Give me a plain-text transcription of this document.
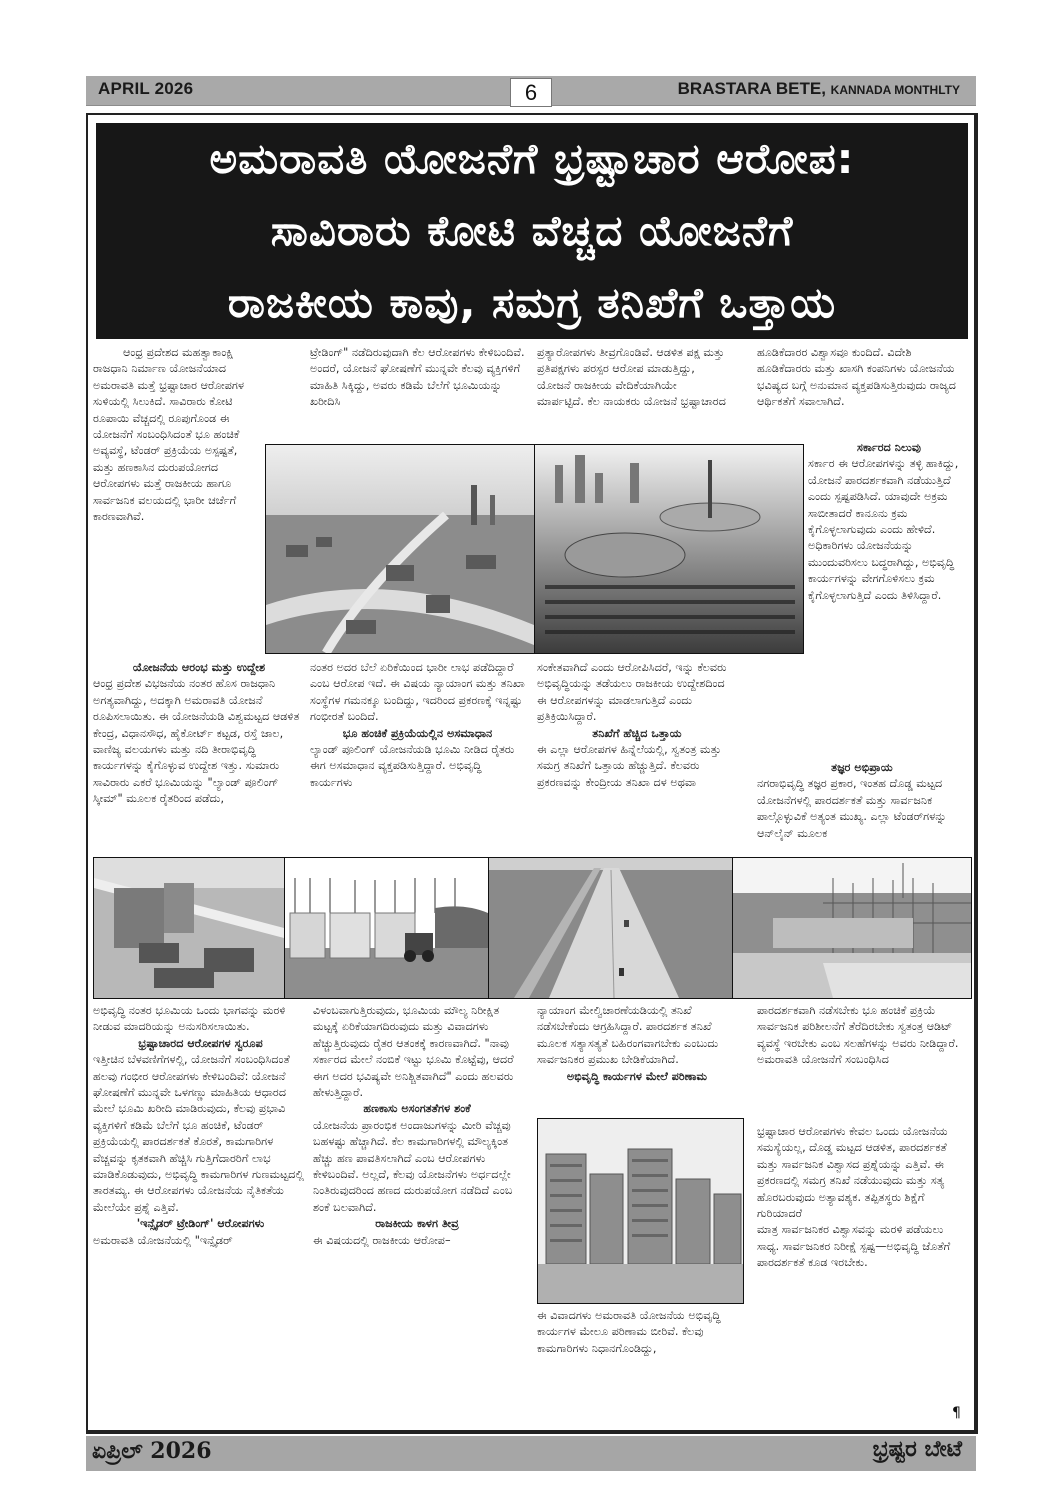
APRIL 2026	6	BRASTARA BETE, KANNADA MONTHLTY
ಅಮರಾವತಿ ಯೋಜನೆಗೆ ಭ್ರಷ್ಟಾಚಾರ ಆರೋಪ:
ಸಾವಿರಾರು ಕೋಟಿ ವೆಚ್ಚದ ಯೋಜನೆಗೆ
ರಾಜಕೀಯ ಕಾವು, ಸಮಗ್ರ ತನಿಖೆಗೆ ಒತ್ತಾಯ

ಆಂಧ್ರ ಪ್ರದೇಶದ ಮಹತ್ವಾಕಾಂಕ್ಷಿ ರಾಜಧಾನಿ ನಿರ್ಮಾಣ ಯೋಜನೆಯಾದ ಅಮರಾವತಿ ಮತ್ತೆ ಭ್ರಷ್ಟಾಚಾರ ಆರೋಪಗಳ ಸುಳಿಯಲ್ಲಿ ಸಿಲುಕಿದೆ. ಸಾವಿರಾರು ಕೋಟಿ ರೂಪಾಯಿ ವೆಚ್ಚದಲ್ಲಿ ರೂಪುಗೊಂಡ ಈ ಯೋಜನೆಗೆ ಸಂಬಂಧಿಸಿದಂತೆ ಭೂ ಹಂಚಿಕೆ ಅವ್ಯವಸ್ಥೆ, ಟೆಂಡರ್ ಪ್ರಕ್ರಿಯೆಯ ಅಸ್ಪಷ್ಟತೆ, ಮತ್ತು ಹಣಕಾಸಿನ ದುರುಪಯೋಗದ ಆರೋಪಗಳು ಮತ್ತೆ ರಾಜಕೀಯ ಹಾಗೂ ಸಾರ್ವಜನಿಕ ವಲಯದಲ್ಲಿ ಭಾರೀ ಚರ್ಚೆಗೆ ಕಾರಣವಾಗಿವೆ.

ಯೋಜನೆಯ ಆರಂಭ ಮತ್ತು ಉದ್ದೇಶ

ಆಂಧ್ರ ಪ್ರದೇಶ ವಿಭಜನೆಯ ನಂತರ ಹೊಸ ರಾಜಧಾನಿ ಅಗತ್ಯವಾಗಿದ್ದು, ಅದಕ್ಕಾಗಿ ಅಮರಾವತಿ ಯೋಜನೆ ರೂಪಿಸಲಾಯಿತು. ಈ ಯೋಜನೆಯಡಿ ವಿಶ್ವಮಟ್ಟದ ಆಡಳಿತ ಕೇಂದ್ರ, ವಿಧಾನಸೌಧ, ಹೈಕೋರ್ಟ್ ಕಟ್ಟಡ, ರಸ್ತೆ ಜಾಲ, ವಾಣಿಜ್ಯ ವಲಯಗಳು ಮತ್ತು ನದಿ ತೀರಾಭಿವೃದ್ಧಿ ಕಾರ್ಯಗಳನ್ನು ಕೈಗೊಳ್ಳುವ ಉದ್ದೇಶ ಇತ್ತು. ಸುಮಾರು ಸಾವಿರಾರು ಎಕರೆ ಭೂಮಿಯನ್ನು "ಲ್ಯಾಂಡ್ ಪೂಲಿಂಗ್ ಸ್ಕೀಮ್" ಮೂಲಕ ರೈತರಿಂದ ಪಡೆದು,

ಟ್ರೇಡಿಂಗ್" ನಡೆದಿರುವುದಾಗಿ ಕೆಲ ಆರೋಪಗಳು ಕೇಳಿಬಂದಿವೆ. ಅಂದರೆ, ಯೋಜನೆ ಘೋಷಣೆಗೆ ಮುನ್ನವೇ ಕೆಲವು ವ್ಯಕ್ತಿಗಳಿಗೆ ಮಾಹಿತಿ ಸಿಕ್ಕಿದ್ದು, ಅವರು ಕಡಿಮೆ ಬೆಲೆಗೆ ಭೂಮಿಯನ್ನು ಖರೀದಿಸಿ

ನಂತರ ಅದರ ಬೆಲೆ ಏರಿಕೆಯಿಂದ ಭಾರೀ ಲಾಭ ಪಡೆದಿದ್ದಾರೆ ಎಂಬ ಆರೋಪ ಇದೆ. ಈ ವಿಷಯ ನ್ಯಾಯಾಂಗ ಮತ್ತು ತನಿಖಾ ಸಂಸ್ಥೆಗಳ ಗಮನಕ್ಕೂ ಬಂದಿದ್ದು, ಇದರಿಂದ ಪ್ರಕರಣಕ್ಕೆ ಇನ್ನಷ್ಟು ಗಂಭೀರತೆ ಬಂದಿದೆ.

ಭೂ ಹಂಚಿಕೆ ಪ್ರಕ್ರಿಯೆಯಲ್ಲಿನ ಅಸಮಾಧಾನ

ಲ್ಯಾಂಡ್ ಪೂಲಿಂಗ್ ಯೋಜನೆಯಡಿ ಭೂಮಿ ನೀಡಿದ ರೈತರು ಈಗ ಅಸಮಾಧಾನ ವ್ಯಕ್ತಪಡಿಸುತ್ತಿದ್ದಾರೆ. ಅಭಿವೃದ್ಧಿ ಕಾರ್ಯಗಳು

ಪ್ರತ್ಯಾರೋಪಗಳು ತೀವ್ರಗೊಂಡಿವೆ. ಆಡಳಿತ ಪಕ್ಷ ಮತ್ತು ಪ್ರತಿಪಕ್ಷಗಳು ಪರಸ್ಪರ ಆರೋಪ ಮಾಡುತ್ತಿದ್ದು, ಯೋಜನೆ ರಾಜಕೀಯ ವೇದಿಕೆಯಾಗಿಯೇ ಮಾರ್ಪಟ್ಟಿದೆ. ಕೆಲ ನಾಯಕರು ಯೋಜನೆ ಭ್ರಷ್ಟಾಚಾರದ

ಸಂಕೇತವಾಗಿದೆ ಎಂದು ಆರೋಪಿಸಿದರೆ, ಇನ್ನು ಕೆಲವರು ಅಭಿವೃದ್ಧಿಯನ್ನು ತಡೆಯಲು ರಾಜಕೀಯ ಉದ್ದೇಶದಿಂದ ಈ ಆರೋಪಗಳನ್ನು ಮಾಡಲಾಗುತ್ತಿದೆ ಎಂದು ಪ್ರತಿಕ್ರಿಯಿಸಿದ್ದಾರೆ.

ತನಿಖೆಗೆ ಹೆಚ್ಚಿದ ಒತ್ತಾಯ

ಈ ಎಲ್ಲಾ ಆರೋಪಗಳ ಹಿನ್ನೆಲೆಯಲ್ಲಿ, ಸ್ವತಂತ್ರ ಮತ್ತು ಸಮಗ್ರ ತನಿಖೆಗೆ ಒತ್ತಾಯ ಹೆಚ್ಚುತ್ತಿದೆ. ಕೆಲವರು ಪ್ರಕರಣವನ್ನು ಕೇಂದ್ರೀಯ ತನಿಖಾ ದಳ ಅಥವಾ

ಹೂಡಿಕೆದಾರರ ವಿಶ್ವಾಸವೂ ಕುಂದಿದೆ. ವಿದೇಶಿ ಹೂಡಿಕೆದಾರರು ಮತ್ತು ಖಾಸಗಿ ಕಂಪನಿಗಳು ಯೋಜನೆಯ ಭವಿಷ್ಯದ ಬಗ್ಗೆ ಅನುಮಾನ ವ್ಯಕ್ತಪಡಿಸುತ್ತಿರುವುದು ರಾಜ್ಯದ ಆರ್ಥಿಕತೆಗೆ ಸವಾಲಾಗಿದೆ.

ಸರ್ಕಾರದ ನಿಲುವು

ಸರ್ಕಾರ ಈ ಆರೋಪಗಳನ್ನು ತಳ್ಳಿ ಹಾಕಿದ್ದು, ಯೋಜನೆ ಪಾರದರ್ಶಕವಾಗಿ ನಡೆಯುತ್ತಿದೆ ಎಂದು ಸ್ಪಷ್ಟಪಡಿಸಿದೆ. ಯಾವುದೇ ಅಕ್ರಮ ಸಾಬೀತಾದರೆ ಕಾನೂನು ಕ್ರಮ ಕೈಗೊಳ್ಳಲಾಗುವುದು ಎಂದು ಹೇಳಿದೆ. ಅಧಿಕಾರಿಗಳು ಯೋಜನೆಯನ್ನು ಮುಂದುವರಿಸಲು ಬದ್ಧರಾಗಿದ್ದು, ಅಭಿವೃದ್ಧಿ ಕಾರ್ಯಗಳನ್ನು ವೇಗಗೊಳಿಸಲು ಕ್ರಮ ಕೈಗೊಳ್ಳಲಾಗುತ್ತಿದೆ ಎಂದು ತಿಳಿಸಿದ್ದಾರೆ.

ತಜ್ಞರ ಅಭಿಪ್ರಾಯ

ನಗರಾಭಿವೃದ್ಧಿ ತಜ್ಞರ ಪ್ರಕಾರ, ಇಂತಹ ದೊಡ್ಡ ಮಟ್ಟದ ಯೋಜನೆಗಳಲ್ಲಿ ಪಾರದರ್ಶಕತೆ ಮತ್ತು ಸಾರ್ವಜನಿಕ ಪಾಲ್ಗೊಳ್ಳುವಿಕೆ ಅತ್ಯಂತ ಮುಖ್ಯ. ಎಲ್ಲಾ ಟೆಂಡರ್‌ಗಳನ್ನು ಆನ್‌ಲೈನ್ ಮೂಲಕ

ಅಭಿವೃದ್ಧಿ ನಂತರ ಭೂಮಿಯ ಒಂದು ಭಾಗವನ್ನು ಮರಳಿ ನೀಡುವ ಮಾದರಿಯನ್ನು ಅನುಸರಿಸಲಾಯಿತು.

ಭ್ರಷ್ಟಾಚಾರದ ಆರೋಪಗಳ ಸ್ವರೂಪ

ಇತ್ತೀಚಿನ ಬೆಳವಣಿಗೆಗಳಲ್ಲಿ, ಯೋಜನೆಗೆ ಸಂಬಂಧಿಸಿದಂತೆ ಹಲವು ಗಂಭೀರ ಆರೋಪಗಳು ಕೇಳಿಬಂದಿವೆ: ಯೋಜನೆ ಘೋಷಣೆಗೆ ಮುನ್ನವೇ ಒಳಗಣ್ಣು ಮಾಹಿತಿಯ ಆಧಾರದ ಮೇಲೆ ಭೂಮಿ ಖರೀದಿ ಮಾಡಿರುವುದು, ಕೆಲವು ಪ್ರಭಾವಿ ವ್ಯಕ್ತಿಗಳಿಗೆ ಕಡಿಮೆ ಬೆಲೆಗೆ ಭೂ ಹಂಚಿಕೆ, ಟೆಂಡರ್ ಪ್ರಕ್ರಿಯೆಯಲ್ಲಿ ಪಾರದರ್ಶಕತೆ ಕೊರತೆ, ಕಾಮಗಾರಿಗಳ ವೆಚ್ಚವನ್ನು ಕೃತಕವಾಗಿ ಹೆಚ್ಚಿಸಿ ಗುತ್ತಿಗೆದಾರರಿಗೆ ಲಾಭ ಮಾಡಿಕೊಡುವುದು, ಅಭಿವೃದ್ಧಿ ಕಾಮಗಾರಿಗಳ ಗುಣಮಟ್ಟದಲ್ಲಿ ತಾರತಮ್ಯ. ಈ ಆರೋಪಗಳು ಯೋಜನೆಯ ನೈತಿಕತೆಯ ಮೇಲೆಯೇ ಪ್ರಶ್ನೆ ಎತ್ತಿವೆ.

'ಇನ್ಸೈಡರ್ ಟ್ರೇಡಿಂಗ್' ಆರೋಪಗಳು

ಅಮರಾವತಿ ಯೋಜನೆಯಲ್ಲಿ "ಇನ್ಸೈಡರ್

ವಿಳಂಬವಾಗುತ್ತಿರುವುದು, ಭೂಮಿಯ ಮೌಲ್ಯ ನಿರೀಕ್ಷಿತ ಮಟ್ಟಕ್ಕೆ ಏರಿಕೆಯಾಗದಿರುವುದು ಮತ್ತು ವಿವಾದಗಳು ಹೆಚ್ಚುತ್ತಿರುವುದು ರೈತರ ಆತಂಕಕ್ಕೆ ಕಾರಣವಾಗಿದೆ. "ನಾವು ಸರ್ಕಾರದ ಮೇಲೆ ನಂಬಿಕೆ ಇಟ್ಟು ಭೂಮಿ ಕೊಟ್ಟೆವು, ಆದರೆ ಈಗ ಅದರ ಭವಿಷ್ಯವೇ ಅನಿಶ್ಚಿತವಾಗಿದೆ" ಎಂದು ಹಲವರು ಹೇಳುತ್ತಿದ್ದಾರೆ.

ಹಣಕಾಸು ಅಸಂಗತತೆಗಳ ಶಂಕೆ

ಯೋಜನೆಯ ಪ್ರಾರಂಭಿಕ ಅಂದಾಜುಗಳನ್ನು ಮೀರಿ ವೆಚ್ಚವು ಬಹಳಷ್ಟು ಹೆಚ್ಚಾಗಿದೆ. ಕೆಲ ಕಾಮಗಾರಿಗಳಲ್ಲಿ ಮೌಲ್ಯಕ್ಕಿಂತ ಹೆಚ್ಚು ಹಣ ಪಾವತಿಸಲಾಗಿದೆ ಎಂಬ ಆರೋಪಗಳು ಕೇಳಿಬಂದಿವೆ. ಅಲ್ಲದೆ, ಕೆಲವು ಯೋಜನೆಗಳು ಅರ್ಧದಲ್ಲೇ ನಿಂತಿರುವುದರಿಂದ ಹಣದ ದುರುಪಯೋಗ ನಡೆದಿದೆ ಎಂಬ ಶಂಕೆ ಬಲವಾಗಿದೆ.

ರಾಜಕೀಯ ಕಾಳಗ ತೀವ್ರ

ಈ ವಿಷಯದಲ್ಲಿ ರಾಜಕೀಯ ಆರೋಪ–

ನ್ಯಾಯಾಂಗ ಮೇಲ್ವಿಚಾರಣೆಯಡಿಯಲ್ಲಿ ತನಿಖೆ ನಡೆಸಬೇಕೆಂದು ಆಗ್ರಹಿಸಿದ್ದಾರೆ. ಪಾರದರ್ಶಕ ತನಿಖೆ ಮೂಲಕ ಸತ್ಯಾಸತ್ಯತೆ ಬಹಿರಂಗವಾಗಬೇಕು ಎಂಬುದು ಸಾರ್ವಜನಿಕರ ಪ್ರಮುಖ ಬೇಡಿಕೆಯಾಗಿದೆ.

ಅಭಿವೃದ್ಧಿ ಕಾರ್ಯಗಳ ಮೇಲೆ ಪರಿಣಾಮ

ಈ ವಿವಾದಗಳು ಅಮರಾವತಿ ಯೋಜನೆಯ ಅಭಿವೃದ್ಧಿ ಕಾರ್ಯಗಳ ಮೇಲೂ ಪರಿಣಾಮ ಬೀರಿವೆ. ಕೆಲವು ಕಾಮಗಾರಿಗಳು ನಿಧಾನಗೊಂಡಿದ್ದು,

ಪಾರದರ್ಶಕವಾಗಿ ನಡೆಸಬೇಕು ಭೂ ಹಂಚಿಕೆ ಪ್ರಕ್ರಿಯೆ ಸಾರ್ವಜನಿಕ ಪರಿಶೀಲನೆಗೆ ತೆರೆದಿರಬೇಕು ಸ್ವತಂತ್ರ ಆಡಿಟ್ ವ್ಯವಸ್ಥೆ ಇರಬೇಕು ಎಂಬ ಸಲಹೆಗಳನ್ನು ಅವರು ನೀಡಿದ್ದಾರೆ.

ಅಮರಾವತಿ ಯೋಜನೆಗೆ ಸಂಬಂಧಿಸಿದ

ಭ್ರಷ್ಟಾಚಾರ ಆರೋಪಗಳು ಕೇವಲ ಒಂದು ಯೋಜನೆಯ ಸಮಸ್ಯೆಯಲ್ಲ, ದೊಡ್ಡ ಮಟ್ಟದ ಆಡಳಿತ, ಪಾರದರ್ಶಕತೆ ಮತ್ತು ಸಾರ್ವಜನಿಕ ವಿಶ್ವಾಸದ ಪ್ರಶ್ನೆಯನ್ನು ಎತ್ತಿವೆ. ಈ ಪ್ರಕರಣದಲ್ಲಿ ಸಮಗ್ರ ತನಿಖೆ ನಡೆಯುವುದು ಮತ್ತು ಸತ್ಯ ಹೊರಬರುವುದು ಅತ್ಯಾವಶ್ಯಕ. ತಪ್ಪಿತಸ್ಥರು ಶಿಕ್ಷೆಗೆ ಗುರಿಯಾದರೆ

ಮಾತ್ರ ಸಾರ್ವಜನಿಕರ ವಿಶ್ವಾಸವನ್ನು ಮರಳಿ ಪಡೆಯಲು ಸಾಧ್ಯ. ಸಾರ್ವಜನಿಕರ ನಿರೀಕ್ಷೆ ಸ್ಪಷ್ಟ—ಅಭಿವೃದ್ಧಿ ಜೊತೆಗೆ ಪಾರದರ್ಶಕತೆ ಕೂಡ ಇರಬೇಕು.

¶
ಏಪ್ರಿಲ್ 2026	ಭ್ರಷ್ಟರ ಬೇಟೆ
